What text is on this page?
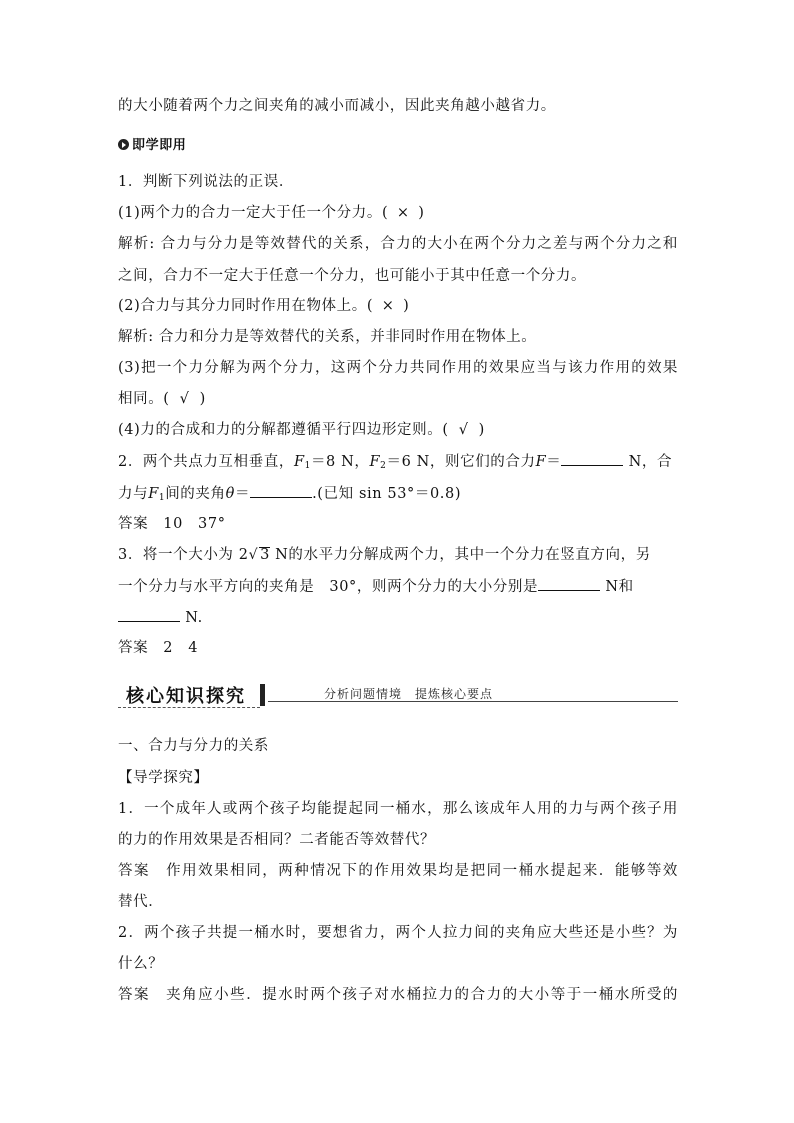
的大小随着两个力之间夹角的减小而减小，因此夹角越小越省力。
即学即用
1．判断下列说法的正误．
(1)两个力的合力一定大于任一个分力。( × )
解析: 合力与分力是等效替代的关系，合力的大小在两个分力之差与两个分力之和
之间，合力不一定大于任意一个分力，也可能小于其中任意一个分力。
(2)合力与其分力同时作用在物体上。( × )
解析: 合力和分力是等效替代的关系，并非同时作用在物体上。
(3)把一个力分解为两个分力，这两个分力共同作用的效果应当与该力作用的效果
相同。( √ )
(4)力的合成和力的分解都遵循平行四边形定则。( √ )
2．两个共点力互相垂直，$F_1=8$ N，$F_2=6$ N，则它们的合力F＝	N，合
力与$F_1$间的夹角θ＝	.(已知 sin 53°＝0.8)
答案　10　37°
3．将一个大小为 2√ 3 N的水平力分解成两个力，其中一个分力在竖直方向，另
一个分力与水平方向的夹角是　30°，则两个分力的大小分别是	N和
N.
答案　2　4
核心知识探究	分析问题情境　提炼核心要点
一、合力与分力的关系
【导学探究】
1．一个成年人或两个孩子均能提起同一桶水，那么该成年人用的力与两个孩子用
的力的作用效果是否相同？二者能否等效替代？
答案　作用效果相同，两种情况下的作用效果均是把同一桶水提起来．能够等效
替代．
2．两个孩子共提一桶水时，要想省力，两个人拉力间的夹角应大些还是小些？为
什么？
答案　夹角应小些．提水时两个孩子对水桶拉力的合力的大小等于一桶水所受的
